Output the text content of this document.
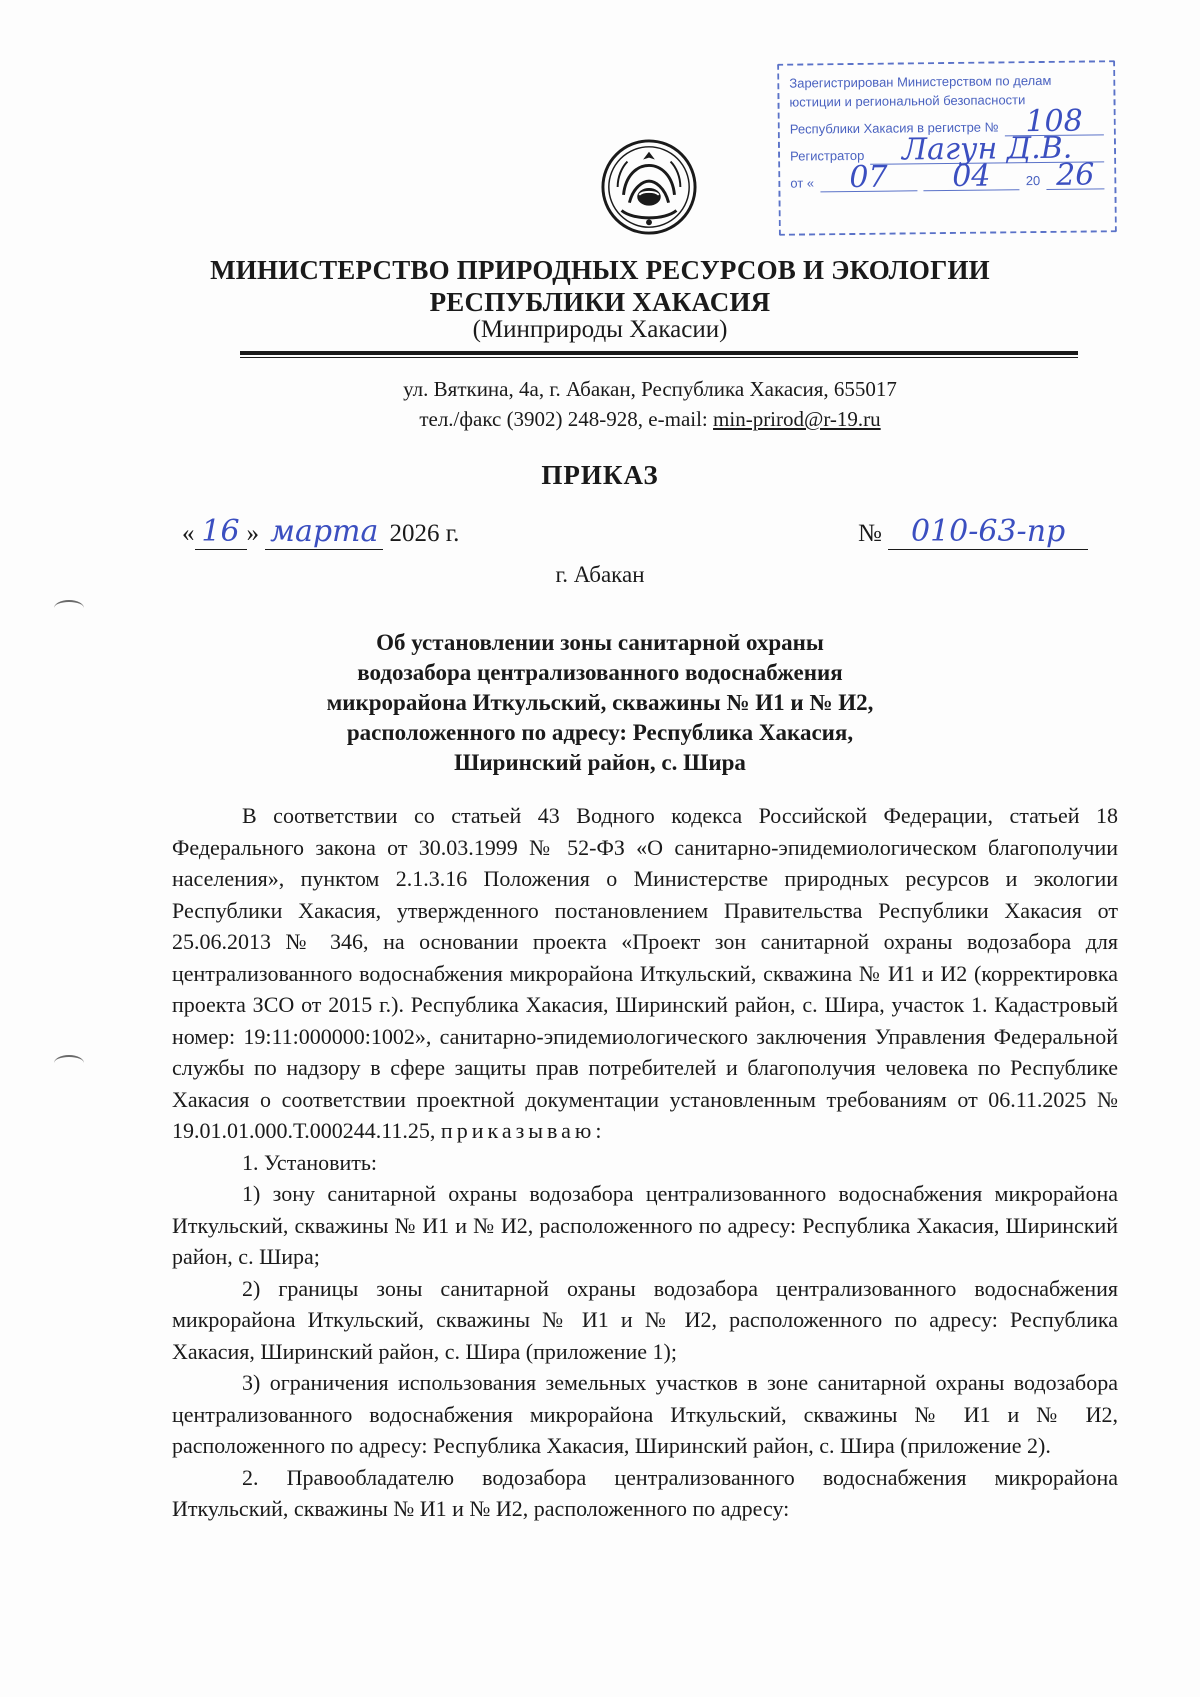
Зарегистрирован Министерством по делам
юстиции и региональной безопасности
Республики Хакасия в регистре № 108
Регистратор	Лагун Д.В.
от «	07	04	20 26
МИНИСТЕРСТВО ПРИРОДНЫХ РЕСУРСОВ И ЭКОЛОГИИ
РЕСПУБЛИКИ ХАКАСИЯ
(Минприроды Хакасии)
ул. Вяткина, 4а, г. Абакан, Республика Хакасия, 655017
тел./факс (3902) 248-928, e-mail: min-prirod@r-19.ru
ПРИКАЗ
« 16 » марта 2026 г.	№ 010-63-пр
г. Абакан
Об установлении зоны санитарной охраны
водозабора централизованного водоснабжения
микрорайона Иткульский, скважины № И1 и № И2,
расположенного по адресу: Республика Хакасия,
Ширинский район, с. Шира

В соответствии со статьей 43 Водного кодекса Российской Федерации, статьей 18 Федерального закона от 30.03.1999 № 52-ФЗ «О санитарно-эпидемиологическом благополучии населения», пунктом 2.1.3.16 Положения о Министерстве природных ресурсов и экологии Республики Хакасия, утвержденного постановлением Правительства Республики Хакасия от 25.06.2013 № 346, на основании проекта «Проект зон санитарной охраны водозабора для централизованного водоснабжения микрорайона Иткульский, скважина № И1 и И2 (корректировка проекта ЗСО от 2015 г.). Республика Хакасия, Ширинский район, с. Шира, участок 1. Кадастровый номер: 19:11:000000:1002», санитарно-эпидемиологического заключения Управления Федеральной службы по надзору в сфере защиты прав потребителей и благополучия человека по Республике Хакасия о соответствии проектной документации установленным требованиям от 06.11.2025 № 19.01.01.000.Т.000244.11.25, приказываю:

1. Установить:

1) зону санитарной охраны водозабора централизованного водоснабжения микрорайона Иткульский, скважины № И1 и № И2, расположенного по адресу: Республика Хакасия, Ширинский район, с. Шира;

2) границы зоны санитарной охраны водозабора централизованного водоснабжения микрорайона Иткульский, скважины № И1 и № И2, расположенного по адресу: Республика Хакасия, Ширинский район, с. Шира (приложение 1);

3) ограничения использования земельных участков в зоне санитарной охраны водозабора централизованного водоснабжения микрорайона Иткульский, скважины № И1 и № И2, расположенного по адресу: Республика Хакасия, Ширинский район, с. Шира (приложение 2).

2. Правообладателю водозабора централизованного водоснабжения микрорайона Иткульский, скважины № И1 и № И2, расположенного по адресу:
